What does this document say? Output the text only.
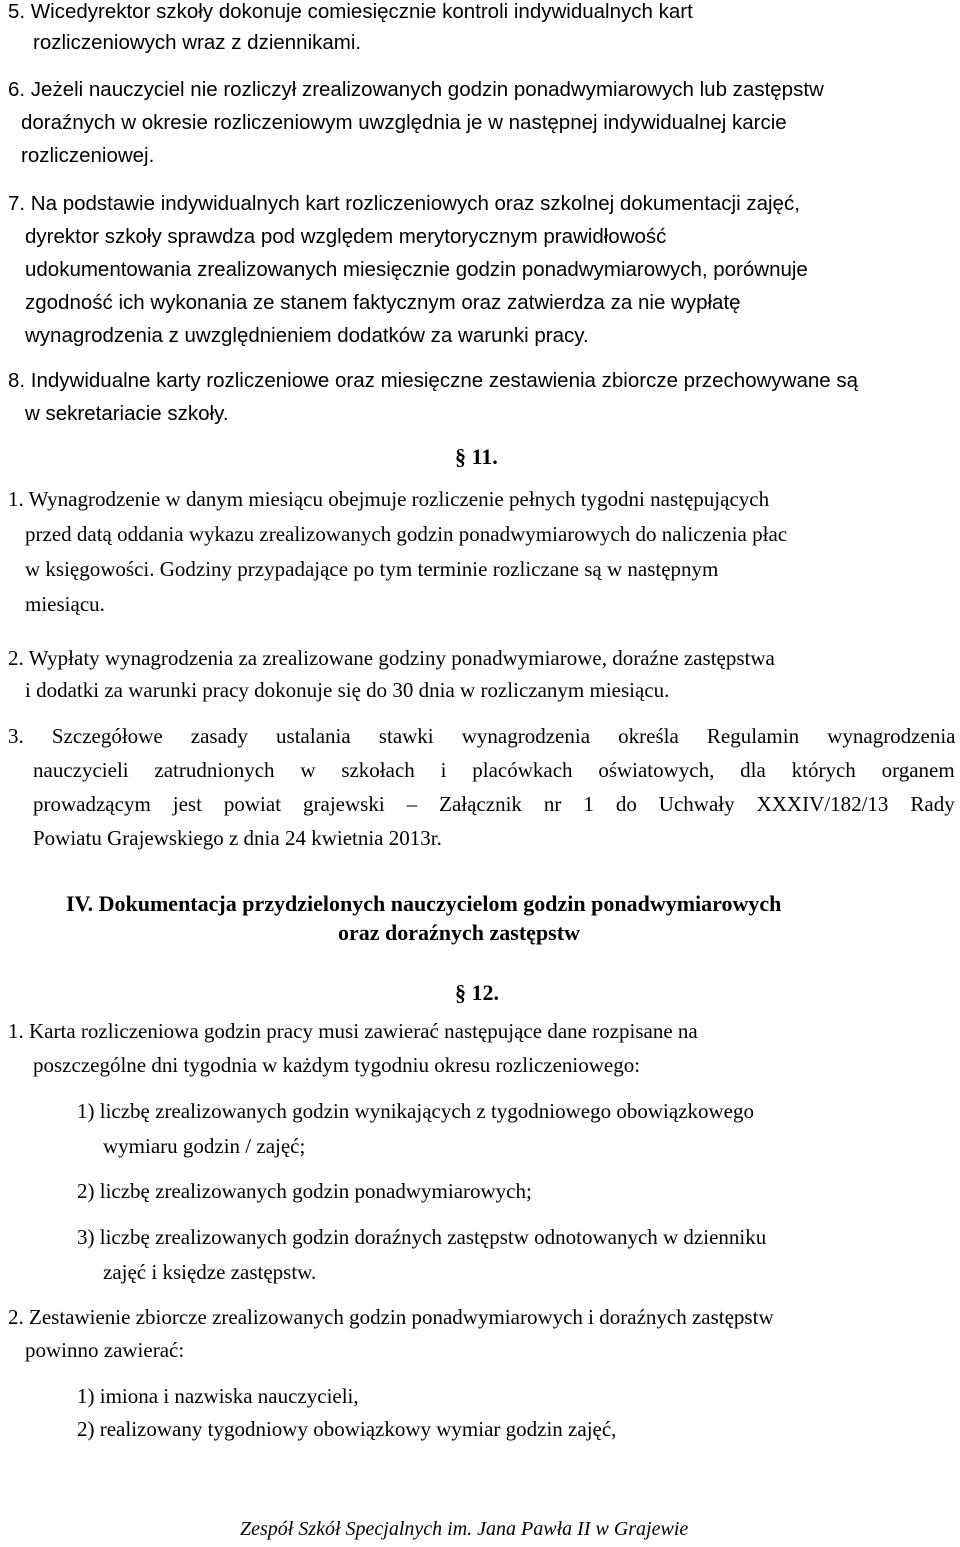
5. Wicedyrektor szkoły dokonuje comiesięcznie kontroli indywidualnych kart
rozliczeniowych wraz z dziennikami.
6. Jeżeli nauczyciel nie rozliczył zrealizowanych godzin ponadwymiarowych lub zastępstw
doraźnych w okresie rozliczeniowym uwzględnia je w następnej indywidualnej karcie
rozliczeniowej.
7. Na podstawie indywidualnych kart rozliczeniowych oraz szkolnej dokumentacji zajęć,
dyrektor szkoły sprawdza pod względem merytorycznym prawidłowość
udokumentowania zrealizowanych miesięcznie godzin ponadwymiarowych, porównuje
zgodność ich wykonania ze stanem faktycznym oraz zatwierdza za nie wypłatę
wynagrodzenia z uwzględnieniem dodatków za warunki pracy.
8. Indywidualne karty rozliczeniowe oraz miesięczne zestawienia zbiorcze przechowywane są
w sekretariacie szkoły.
§ 11.
1. Wynagrodzenie w danym miesiącu obejmuje rozliczenie pełnych tygodni następujących
przed datą oddania wykazu zrealizowanych godzin ponadwymiarowych do naliczenia płac
w księgowości. Godziny przypadające po tym terminie rozliczane są w następnym
miesiącu.
2. Wypłaty wynagrodzenia za zrealizowane godziny ponadwymiarowe, doraźne zastępstwa
i dodatki za warunki pracy dokonuje się do 30 dnia w rozliczanym miesiącu.
3. Szczegółowe zasady ustalania stawki wynagrodzenia określa Regulamin wynagrodzenia
nauczycieli zatrudnionych w szkołach i placówkach oświatowych, dla których organem
prowadzącym jest powiat grajewski – Załącznik nr 1 do Uchwały XXXIV/182/13 Rady
Powiatu Grajewskiego z dnia 24 kwietnia 2013r.
IV. Dokumentacja przydzielonych nauczycielom godzin ponadwymiarowych
oraz doraźnych zastępstw
§ 12.
1. Karta rozliczeniowa godzin pracy musi zawierać następujące dane rozpisane na
poszczególne dni tygodnia w każdym tygodniu okresu rozliczeniowego:
1) liczbę zrealizowanych godzin wynikających z tygodniowego obowiązkowego
wymiaru godzin / zajęć;
2) liczbę zrealizowanych godzin ponadwymiarowych;
3) liczbę zrealizowanych godzin doraźnych zastępstw odnotowanych w dzienniku
zajęć i księdze zastępstw.
2. Zestawienie zbiorcze zrealizowanych godzin ponadwymiarowych i doraźnych zastępstw
powinno zawierać:
1) imiona i nazwiska nauczycieli,
2) realizowany tygodniowy obowiązkowy wymiar godzin zajęć,
Zespół Szkół Specjalnych im. Jana Pawła II w Grajewie
